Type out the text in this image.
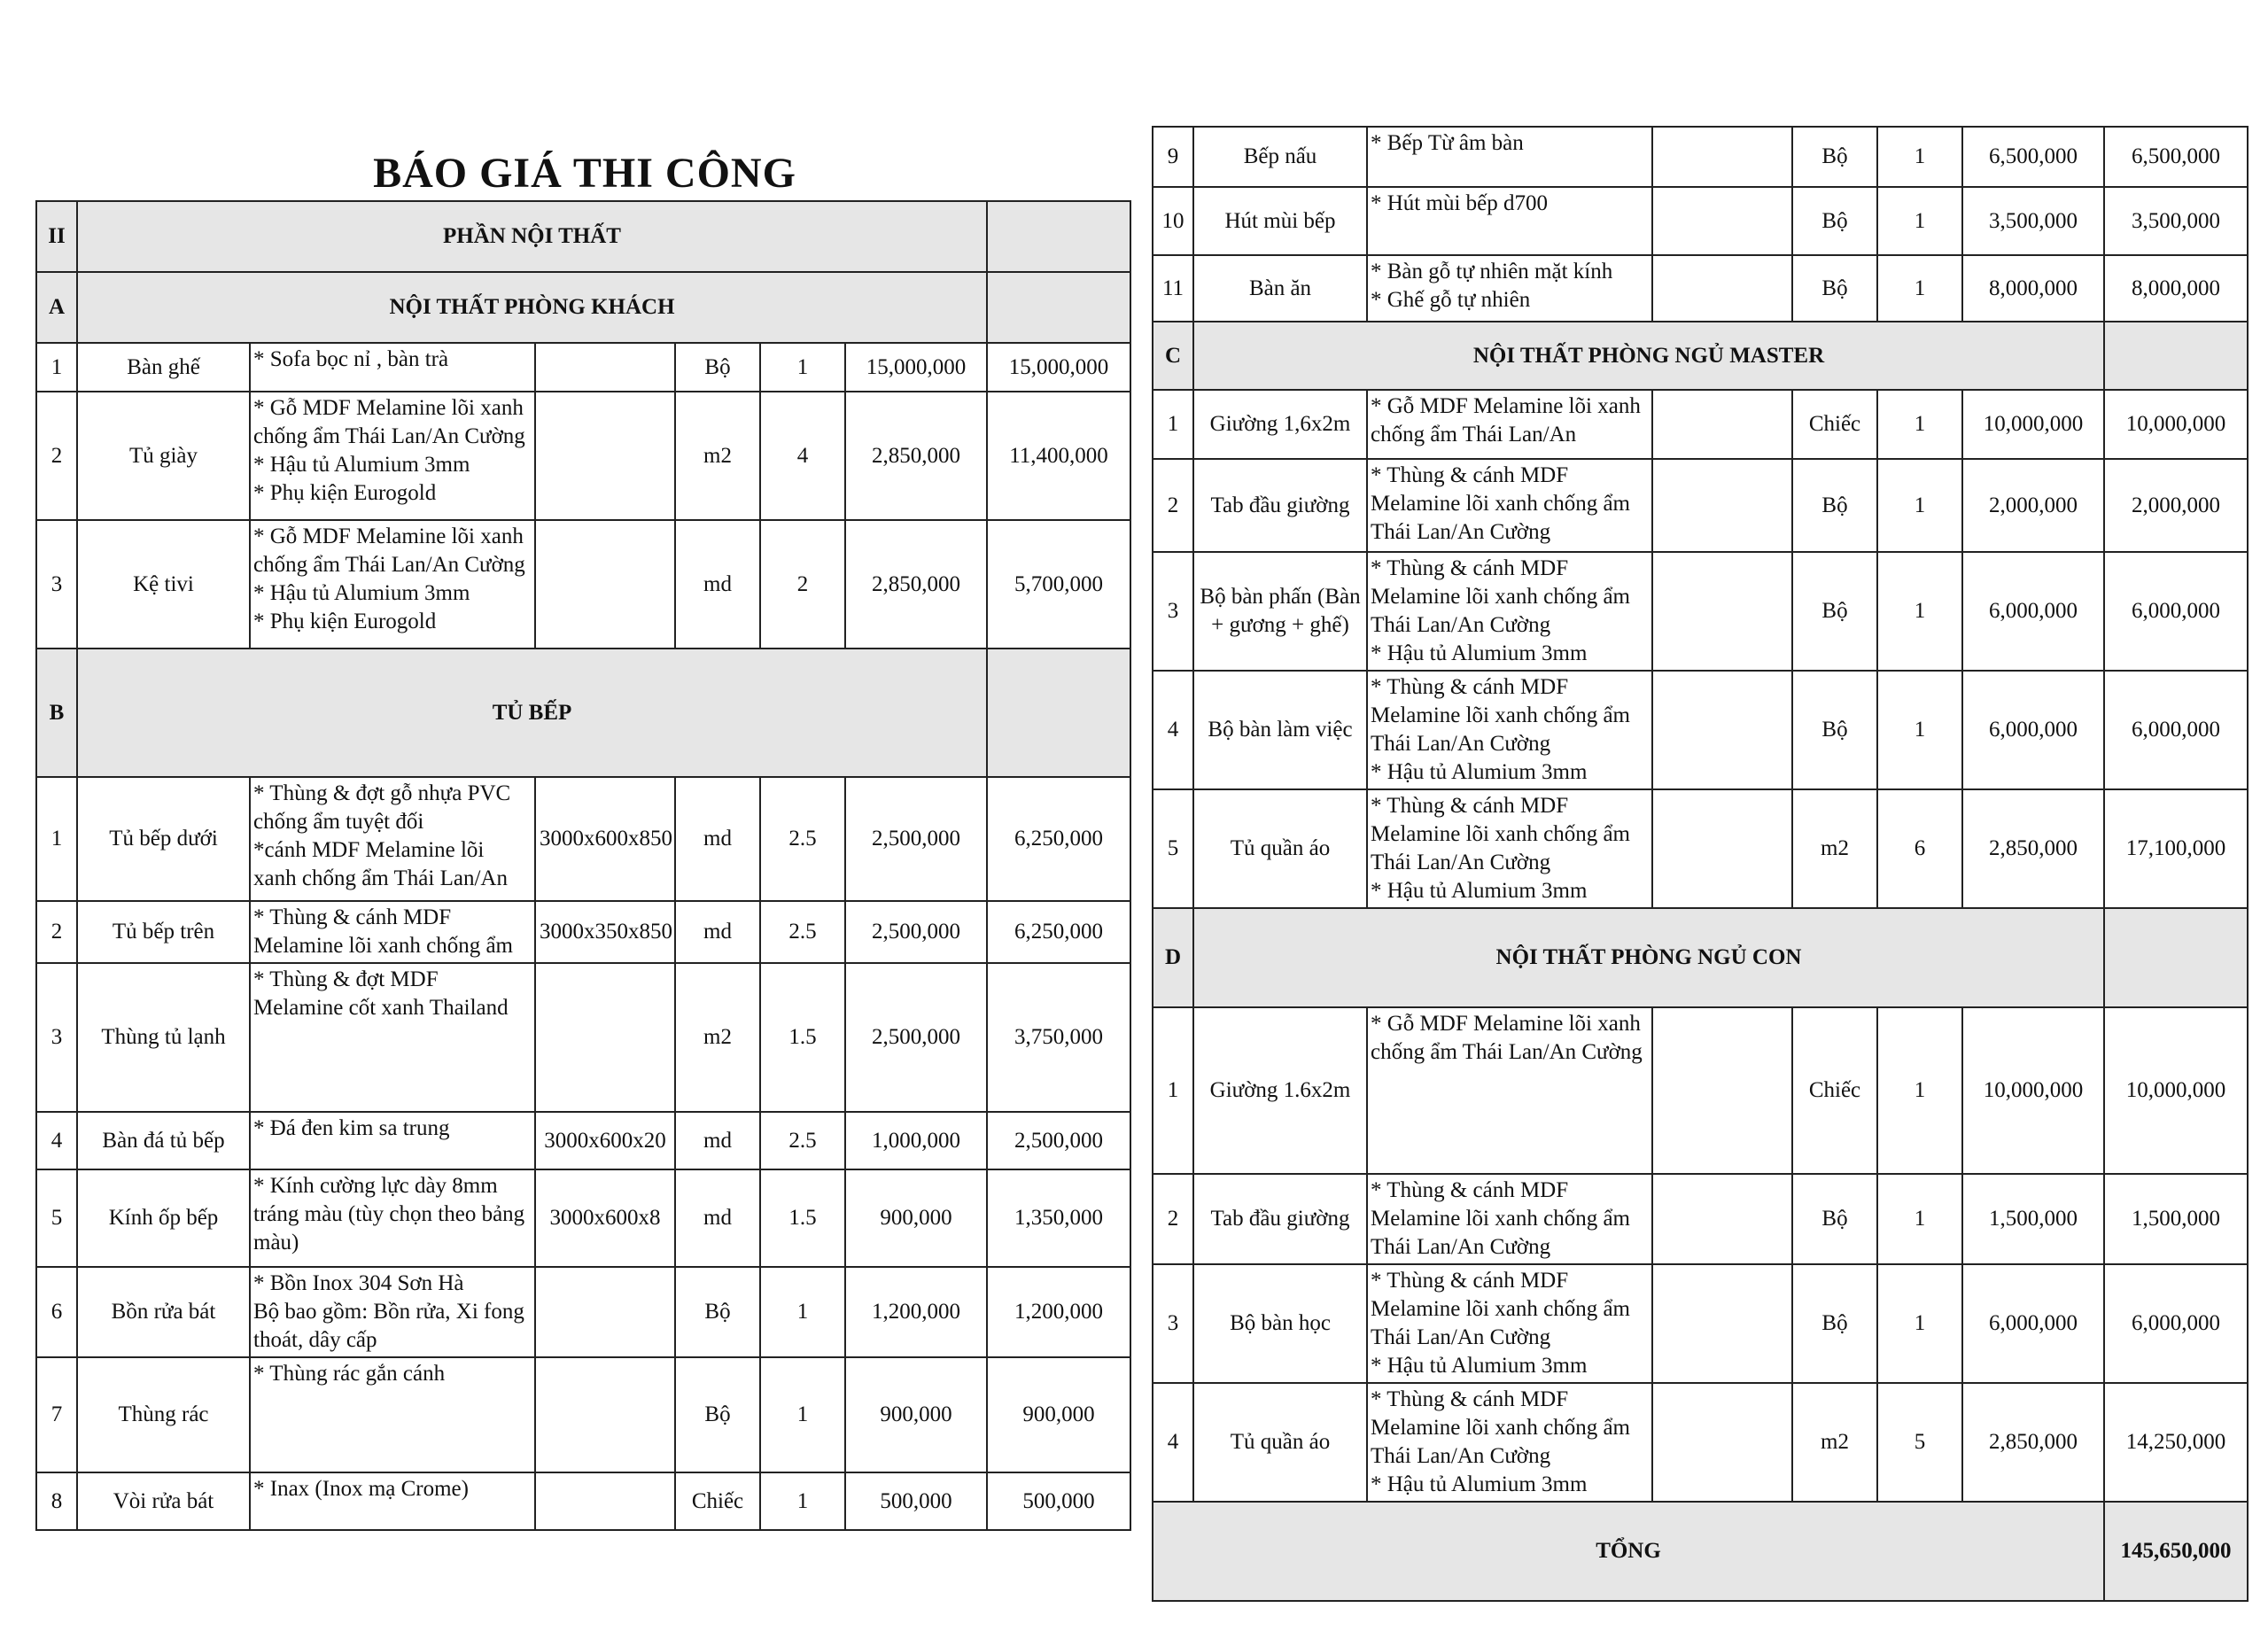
BÁO GIÁ THI CÔNG
II	PHẦN NỘI THẤT						
A	NỘI THẤT PHÒNG KHÁCH						
1	Bàn ghế	* Sofa bọc nỉ , bàn trà		Bộ	1	15,000,000	15,000,000
2	Tủ giày	* Gỗ MDF Melamine lõi xanh chống ẩm Thái Lan/An Cường
* Hậu tủ Alumium 3mm
* Phụ kiện Eurogold		m2	4	2,850,000	11,400,000
3	Kệ tivi	* Gỗ MDF Melamine lõi xanh chống ẩm Thái Lan/An Cường
* Hậu tủ Alumium 3mm
* Phụ kiện Eurogold		md	2	2,850,000	5,700,000
B	TỦ BẾP						
1	Tủ bếp dưới	* Thùng & đợt gỗ nhựa PVC chống ẩm tuyệt đối
*cánh MDF Melamine lõi xanh chống ẩm Thái Lan/An	3000x600x850	md	2.5	2,500,000	6,250,000
2	Tủ bếp trên	* Thùng & cánh MDF Melamine lõi xanh chống ẩm	3000x350x850	md	2.5	2,500,000	6,250,000
3	Thùng tủ lạnh	* Thùng & đợt MDF Melamine cốt xanh Thailand		m2	1.5	2,500,000	3,750,000
4	Bàn đá tủ bếp	* Đá đen kim sa trung	3000x600x20	md	2.5	1,000,000	2,500,000
5	Kính ốp bếp	* Kính cường lực dày 8mm tráng màu (tùy chọn theo bảng màu)	3000x600x8	md	1.5	900,000	1,350,000
6	Bồn rửa bát	* Bồn Inox 304 Sơn Hà
Bộ bao gồm: Bồn rửa, Xi fong thoát, dây cấp		Bộ	1	1,200,000	1,200,000
7	Thùng rác	* Thùng rác gắn cánh		Bộ	1	900,000	900,000
8	Vòi rửa bát	* Inax (Inox mạ Crome)		Chiếc	1	500,000	500,000
9	Bếp nấu	* Bếp Từ âm bàn		Bộ	1	6,500,000	6,500,000
10	Hút mùi bếp	* Hút mùi bếp d700		Bộ	1	3,500,000	3,500,000
11	Bàn ăn	* Bàn gỗ tự nhiên mặt kính
* Ghế gỗ tự nhiên		Bộ	1	8,000,000	8,000,000
C	NỘI THẤT PHÒNG NGỦ MASTER						
1	Giường 1,6x2m	* Gỗ MDF Melamine lõi xanh chống ẩm Thái Lan/An		Chiếc	1	10,000,000	10,000,000
2	Tab đầu giường	* Thùng & cánh MDF Melamine lõi xanh chống ẩm Thái Lan/An Cường		Bộ	1	2,000,000	2,000,000
3	Bộ bàn phấn (Bàn + gương + ghế)	* Thùng & cánh MDF Melamine lõi xanh chống ẩm Thái Lan/An Cường
* Hậu tủ Alumium 3mm		Bộ	1	6,000,000	6,000,000
4	Bộ bàn làm việc	* Thùng & cánh MDF Melamine lõi xanh chống ẩm Thái Lan/An Cường
* Hậu tủ Alumium 3mm		Bộ	1	6,000,000	6,000,000
5	Tủ quần áo	* Thùng & cánh MDF Melamine lõi xanh chống ẩm Thái Lan/An Cường
* Hậu tủ Alumium 3mm		m2	6	2,850,000	17,100,000
D	NỘI THẤT PHÒNG NGỦ CON						
1	Giường 1.6x2m	* Gỗ MDF Melamine lõi xanh chống ẩm Thái Lan/An Cường		Chiếc	1	10,000,000	10,000,000
2	Tab đầu giường	* Thùng & cánh MDF Melamine lõi xanh chống ẩm Thái Lan/An Cường		Bộ	1	1,500,000	1,500,000
3	Bộ bàn học	* Thùng & cánh MDF Melamine lõi xanh chống ẩm Thái Lan/An Cường
* Hậu tủ Alumium 3mm		Bộ	1	6,000,000	6,000,000
4	Tủ quần áo	* Thùng & cánh MDF Melamine lõi xanh chống ẩm Thái Lan/An Cường
* Hậu tủ Alumium 3mm		m2	5	2,850,000	14,250,000
TỔNG							145,650,000
